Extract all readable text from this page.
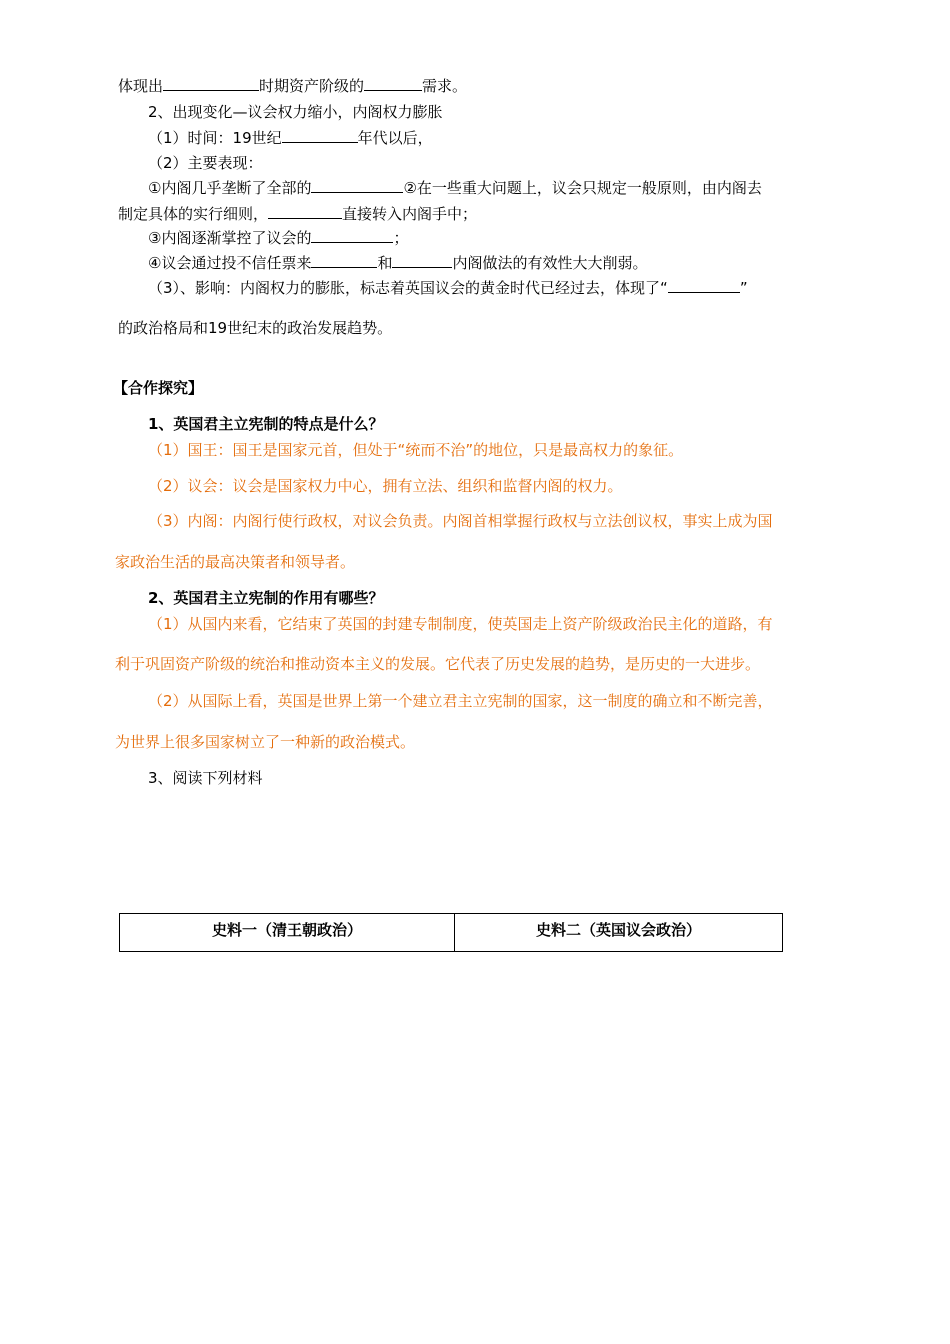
体现出	时期资产阶级的	需求。
2、出现变化—议会权力缩小，内阁权力膨胀
（1）时间：19世纪	年代以后，
（2）主要表现：
①内阁几乎垄断了全部的	②在一些重大问题上，议会只规定一般原则，由内阁去
制定具体的实行细则，	直接转入内阁手中；
③内阁逐渐掌控了议会的	；
④议会通过投不信任票来	和	内阁做法的有效性大大削弱。
（3）、影响：内阁权力的膨胀，标志着英国议会的黄金时代已经过去，体现了“	”
的政治格局和19世纪末的政治发展趋势。
【合作探究】
1、英国君主立宪制的特点是什么？
（1）国王：国王是国家元首，但处于“统而不治”的地位，只是最高权力的象征。
（2）议会：议会是国家权力中心，拥有立法、组织和监督内阁的权力。
（3）内阁：内阁行使行政权，对议会负责。内阁首相掌握行政权与立法创议权，事实上成为国
家政治生活的最高决策者和领导者。
2、英国君主立宪制的作用有哪些？
（1）从国内来看，它结束了英国的封建专制制度，使英国走上资产阶级政治民主化的道路，有
利于巩固资产阶级的统治和推动资本主义的发展。它代表了历史发展的趋势，是历史的一大进步。
（2）从国际上看，英国是世界上第一个建立君主立宪制的国家，这一制度的确立和不断完善，
为世界上很多国家树立了一种新的政治模式。
3、阅读下列材料
史料一（清王朝政治）	史料二（英国议会政治）
